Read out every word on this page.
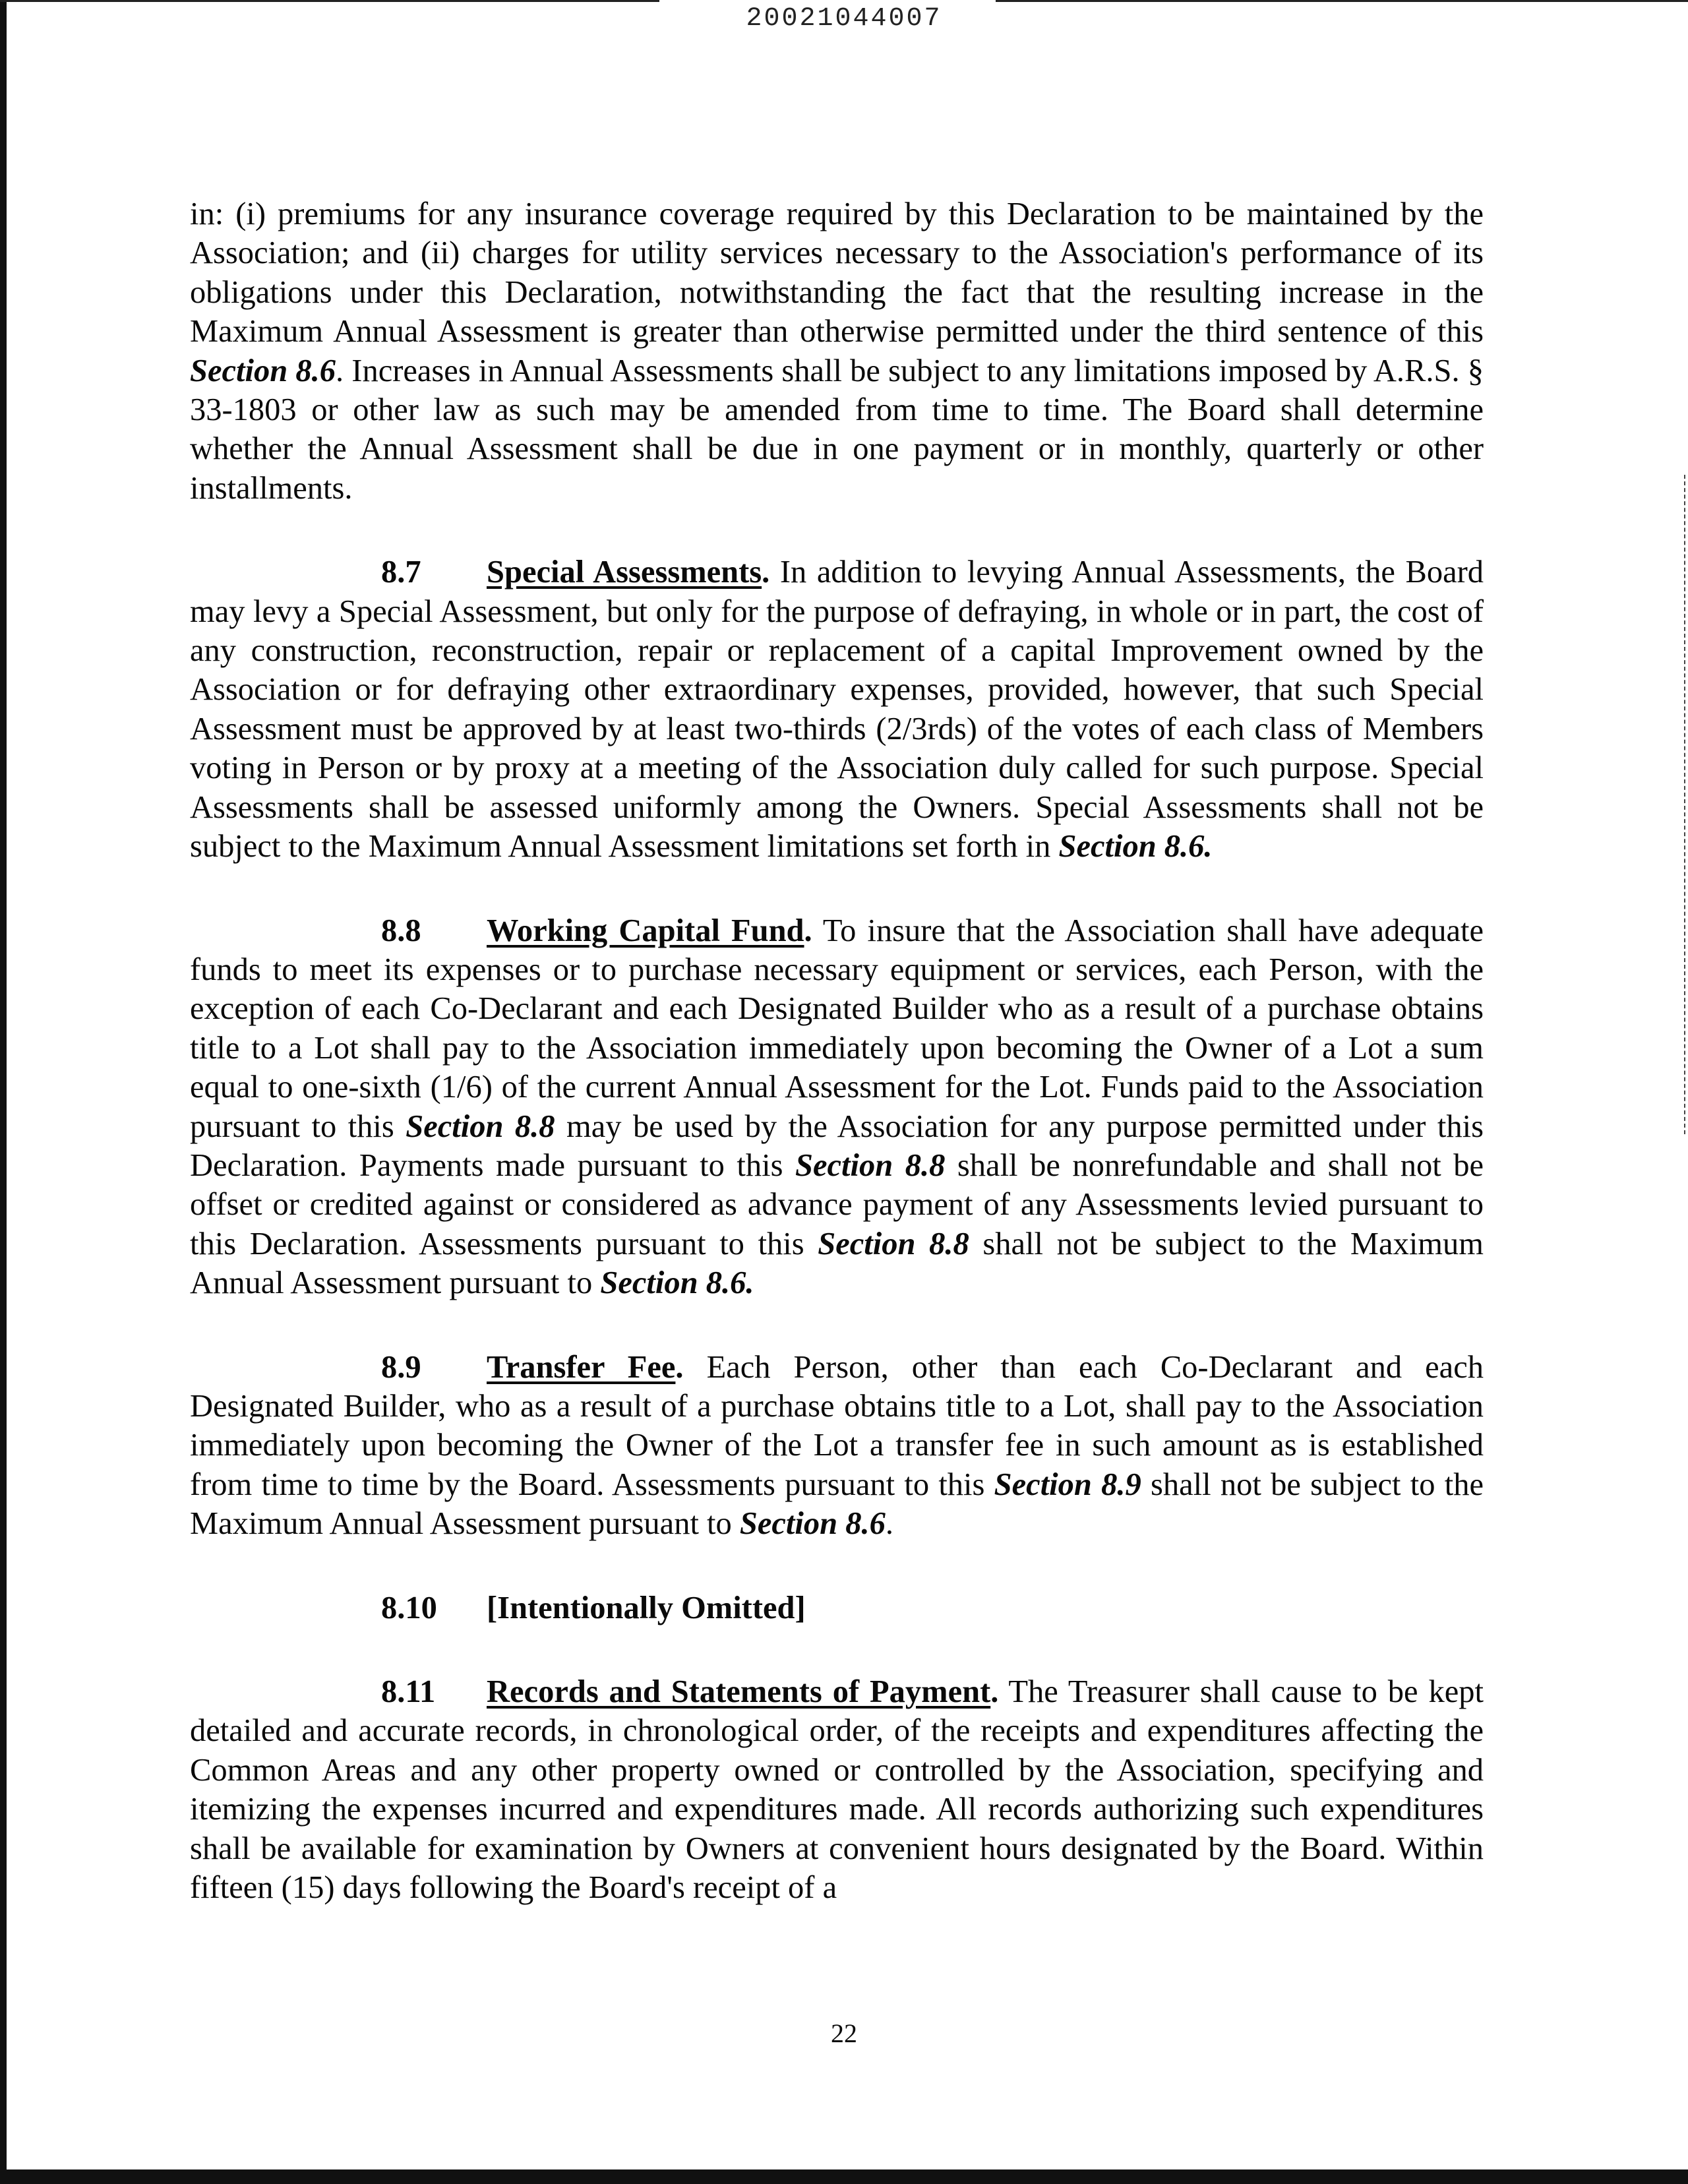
20021044007

in: (i) premiums for any insurance coverage required by this Declaration to be maintained by the Association; and (ii) charges for utility services necessary to the Association's performance of its obligations under this Declaration, notwithstanding the fact that the resulting increase in the Maximum Annual Assessment is greater than otherwise permitted under the third sentence of this Section 8.6. Increases in Annual Assessments shall be subject to any limitations imposed by A.R.S. § 33-1803 or other law as such may be amended from time to time. The Board shall determine whether the Annual Assessment shall be due in one payment or in monthly, quarterly or other installments.

8.7 Special Assessments. In addition to levying Annual Assessments, the Board may levy a Special Assessment, but only for the purpose of defraying, in whole or in part, the cost of any construction, reconstruction, repair or replacement of a capital Improvement owned by the Association or for defraying other extraordinary expenses, provided, however, that such Special Assessment must be approved by at least two-thirds (2/3rds) of the votes of each class of Members voting in Person or by proxy at a meeting of the Association duly called for such purpose. Special Assessments shall be assessed uniformly among the Owners. Special Assessments shall not be subject to the Maximum Annual Assessment limitations set forth in Section 8.6.

8.8 Working Capital Fund. To insure that the Association shall have adequate funds to meet its expenses or to purchase necessary equipment or services, each Person, with the exception of each Co-Declarant and each Designated Builder who as a result of a purchase obtains title to a Lot shall pay to the Association immediately upon becoming the Owner of a Lot a sum equal to one-sixth (1/6) of the current Annual Assessment for the Lot. Funds paid to the Association pursuant to this Section 8.8 may be used by the Association for any purpose permitted under this Declaration. Payments made pursuant to this Section 8.8 shall be nonrefundable and shall not be offset or credited against or considered as advance payment of any Assessments levied pursuant to this Declaration. Assessments pursuant to this Section 8.8 shall not be subject to the Maximum Annual Assessment pursuant to Section 8.6.

8.9 Transfer Fee. Each Person, other than each Co-Declarant and each Designated Builder, who as a result of a purchase obtains title to a Lot, shall pay to the Association immediately upon becoming the Owner of the Lot a transfer fee in such amount as is established from time to time by the Board. Assessments pursuant to this Section 8.9 shall not be subject to the Maximum Annual Assessment pursuant to Section 8.6.

8.10 [Intentionally Omitted]

8.11 Records and Statements of Payment. The Treasurer shall cause to be kept detailed and accurate records, in chronological order, of the receipts and expenditures affecting the Common Areas and any other property owned or controlled by the Association, specifying and itemizing the expenses incurred and expenditures made. All records authorizing such expenditures shall be available for examination by Owners at convenient hours designated by the Board. Within fifteen (15) days following the Board's receipt of a

22
